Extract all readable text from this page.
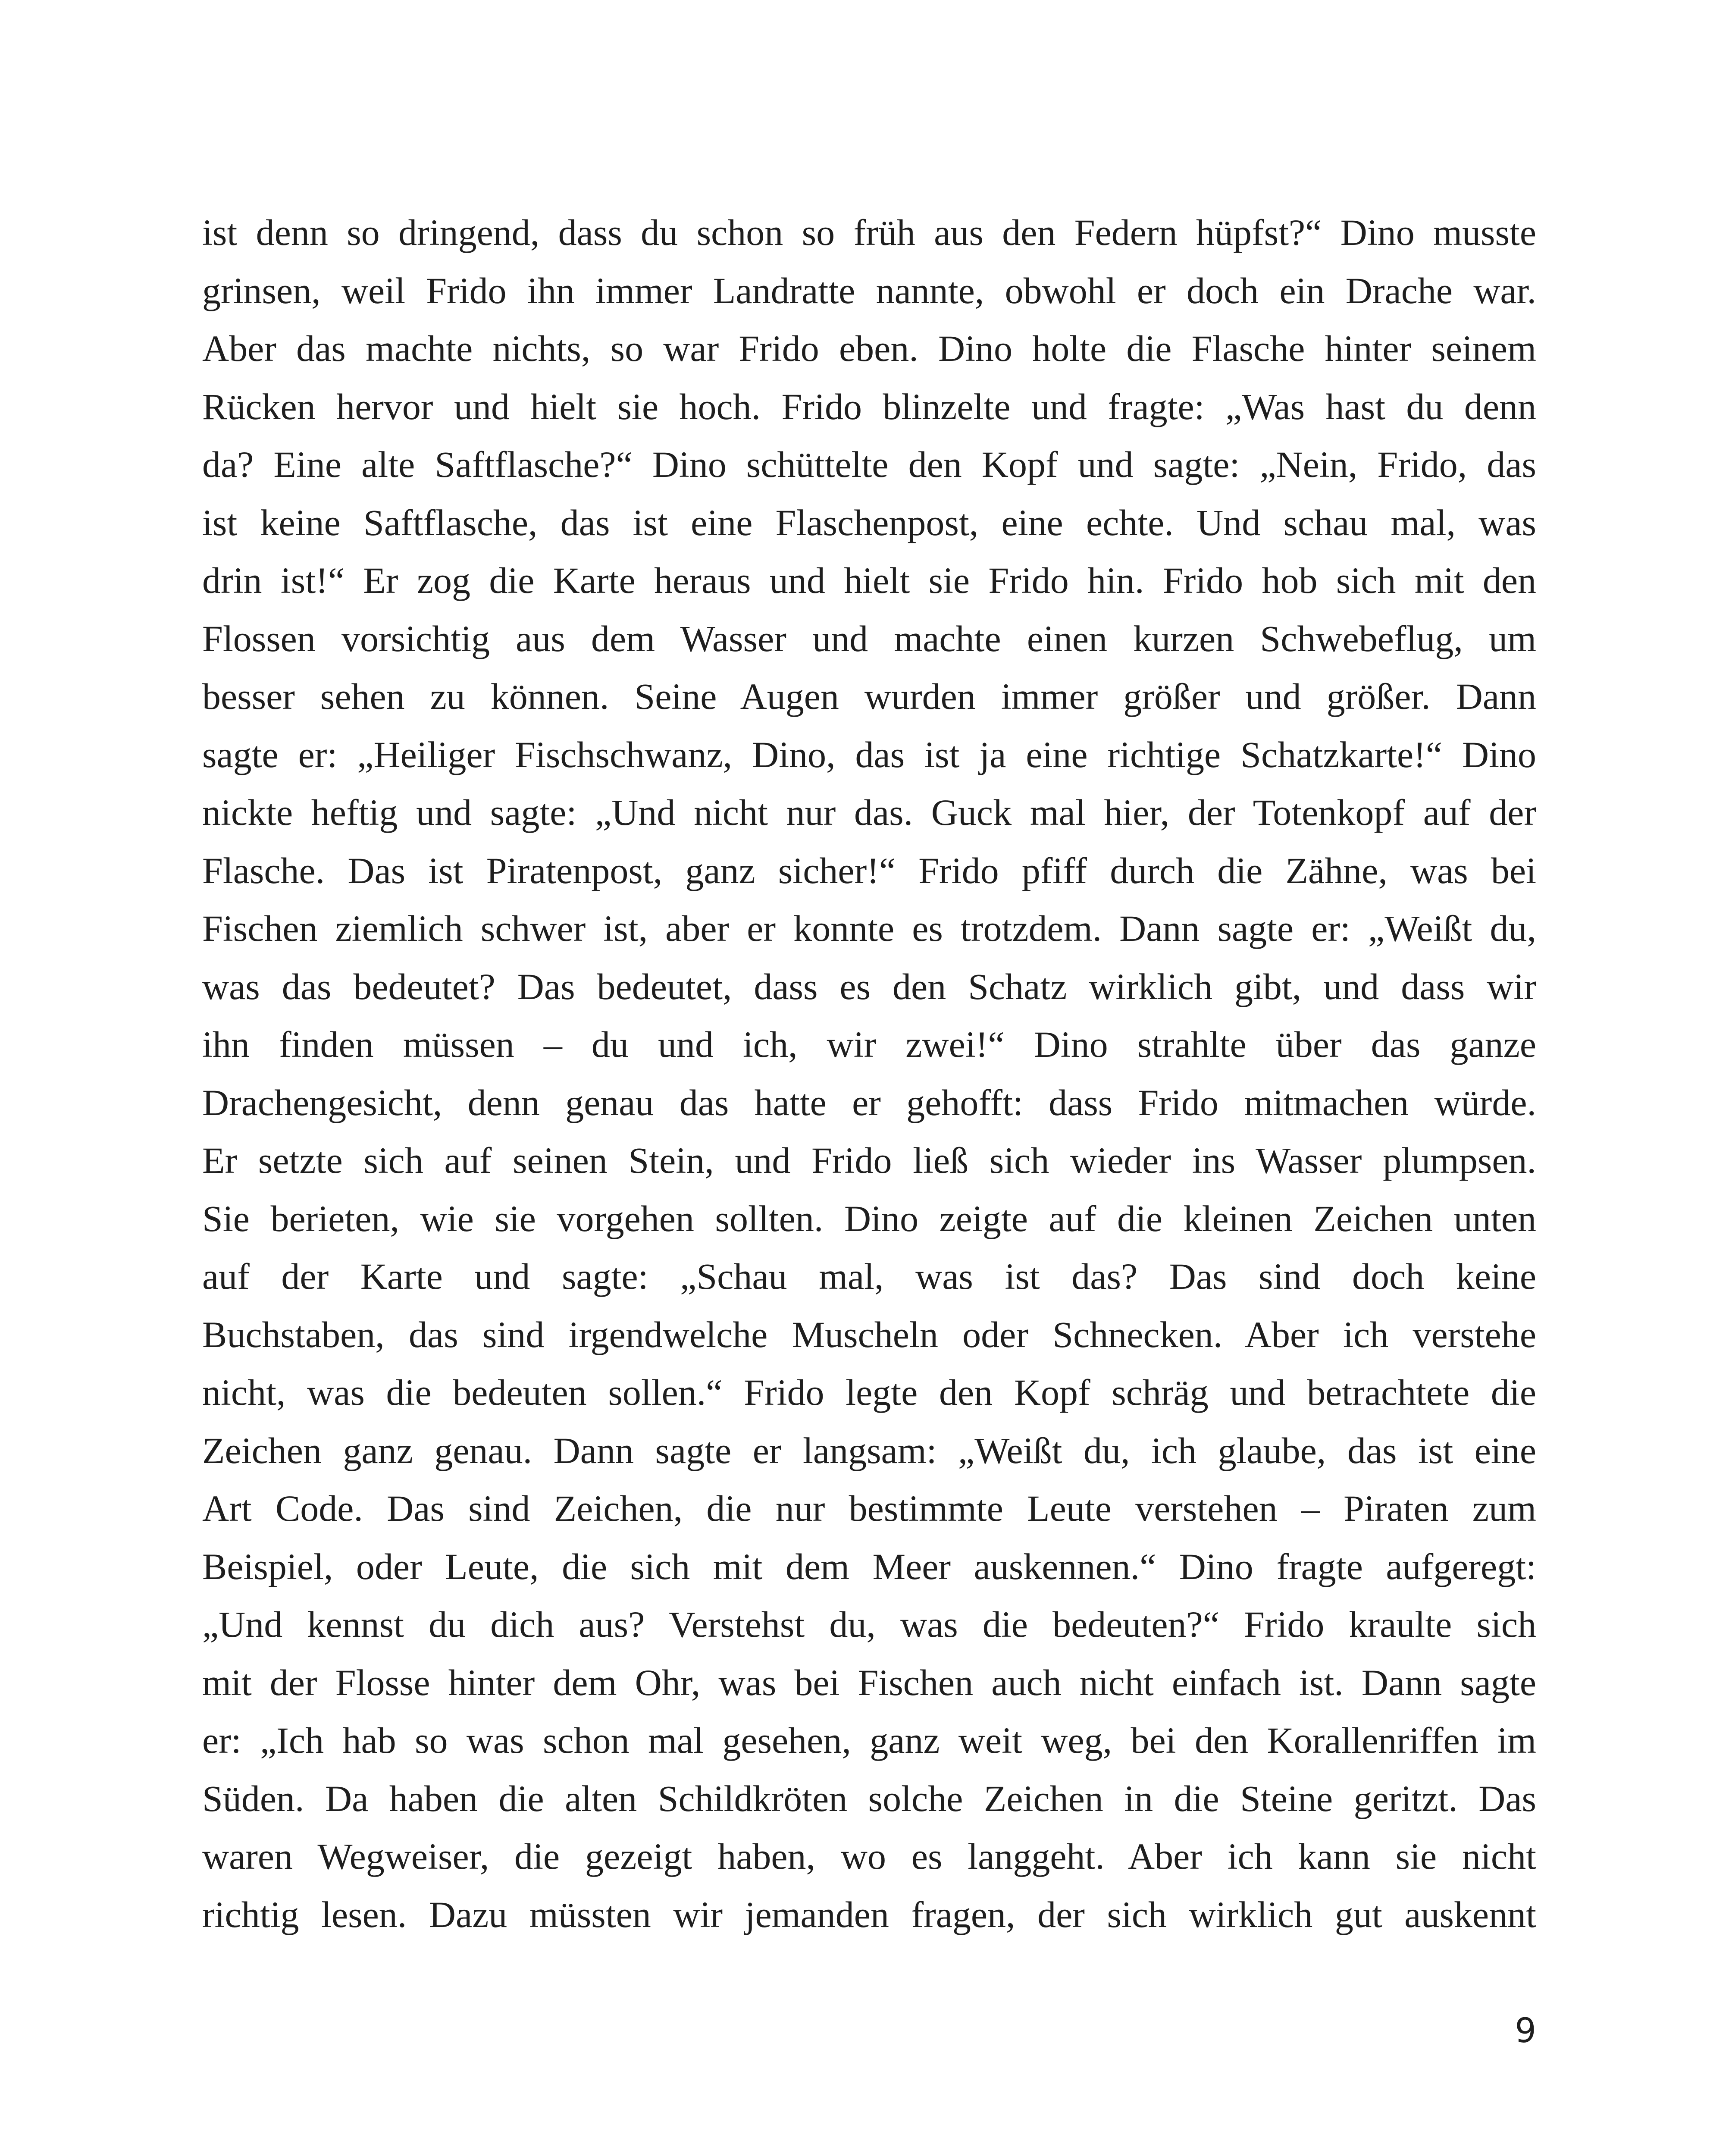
ist denn so dringend, dass du schon so früh aus den Federn hüpfst?“ Dino musste
grinsen, weil Frido ihn immer Landratte nannte, obwohl er doch ein Drache war.
Aber das machte nichts, so war Frido eben. Dino holte die Flasche hinter seinem
Rücken hervor und hielt sie hoch. Frido blinzelte und fragte: „Was hast du denn
da? Eine alte Saftflasche?“ Dino schüttelte den Kopf und sagte: „Nein, Frido, das
ist keine Saftflasche, das ist eine Flaschenpost, eine echte. Und schau mal, was
drin ist!“ Er zog die Karte heraus und hielt sie Frido hin. Frido hob sich mit den
Flossen vorsichtig aus dem Wasser und machte einen kurzen Schwebeflug, um
besser sehen zu können. Seine Augen wurden immer größer und größer. Dann
sagte er: „Heiliger Fischschwanz, Dino, das ist ja eine richtige Schatzkarte!“ Dino
nickte heftig und sagte: „Und nicht nur das. Guck mal hier, der Totenkopf auf der
Flasche. Das ist Piratenpost, ganz sicher!“ Frido pfiff durch die Zähne, was bei
Fischen ziemlich schwer ist, aber er konnte es trotzdem. Dann sagte er: „Weißt du,
was das bedeutet? Das bedeutet, dass es den Schatz wirklich gibt, und dass wir
ihn finden müssen – du und ich, wir zwei!“ Dino strahlte über das ganze
Drachengesicht, denn genau das hatte er gehofft: dass Frido mitmachen würde.
Er setzte sich auf seinen Stein, und Frido ließ sich wieder ins Wasser plumpsen.
Sie berieten, wie sie vorgehen sollten. Dino zeigte auf die kleinen Zeichen unten
auf der Karte und sagte: „Schau mal, was ist das? Das sind doch keine
Buchstaben, das sind irgendwelche Muscheln oder Schnecken. Aber ich verstehe
nicht, was die bedeuten sollen.“ Frido legte den Kopf schräg und betrachtete die
Zeichen ganz genau. Dann sagte er langsam: „Weißt du, ich glaube, das ist eine
Art Code. Das sind Zeichen, die nur bestimmte Leute verstehen – Piraten zum
Beispiel, oder Leute, die sich mit dem Meer auskennen.“ Dino fragte aufgeregt:
„Und kennst du dich aus? Verstehst du, was die bedeuten?“ Frido kraulte sich
mit der Flosse hinter dem Ohr, was bei Fischen auch nicht einfach ist. Dann sagte
er: „Ich hab so was schon mal gesehen, ganz weit weg, bei den Korallenriffen im
Süden. Da haben die alten Schildkröten solche Zeichen in die Steine geritzt. Das
waren Wegweiser, die gezeigt haben, wo es langgeht. Aber ich kann sie nicht
richtig lesen. Dazu müssten wir jemanden fragen, der sich wirklich gut auskennt
9
